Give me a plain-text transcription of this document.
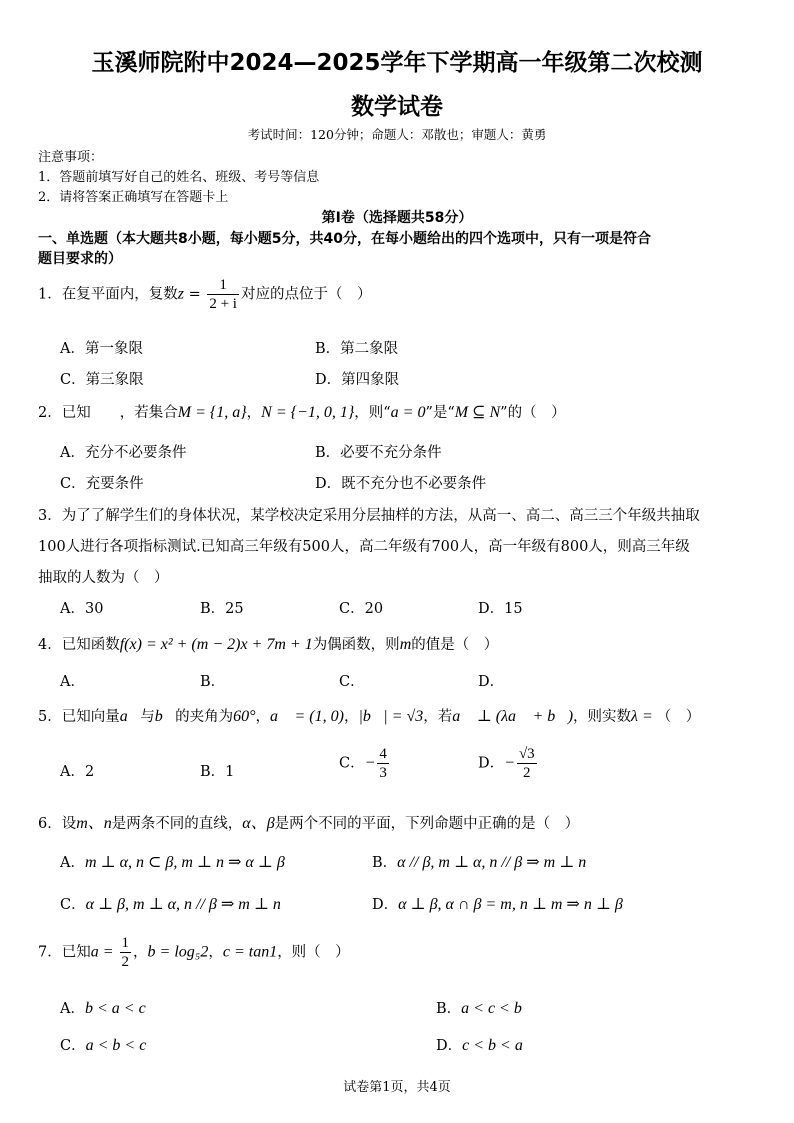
玉溪师院附中2024—2025学年下学期高一年级第二次校测
数学试卷
考试时间：120分钟；命题人：邓散也；审题人：黄勇
注意事项：
1．答题前填写好自己的姓名、班级、考号等信息
2．请将答案正确填写在答题卡上
第I卷（选择题共58分）
一、单选题（本大题共8小题，每小题5分，共40分，在每小题给出的四个选项中，只有一项是符合
题目要求的）
1．在复平面内，复数$z = \frac{1}{2 + i}$ 对应的点位于（　）
A．第一象限	B．第二象限
C．第三象限	D．第四象限
2．已知　　，若集合M = {1, a}，N = {−1, 0, 1}，则“a = 0”是“M ⊆ N”的（　）
A．充分不必要条件	B．必要不充分条件
C．充要条件	D．既不充分也不必要条件
3．为了了解学生们的身体状况，某学校决定采用分层抽样的方法，从高一、高二、高三三个年级共抽取
100人进行各项指标测试.已知高三年级有500人，高二年级有700人，高一年级有800人，则高三年级
抽取的人数为（　）
A．30	B．25	C．20	D．15
4．已知函数f(x) = x² + (m − 2)x + 7m + 1为偶函数，则m的值是（　）
A．	B．	C．	D．
5．已知向量a⃗与b⃗的夹角为60°，a⃗ = (1, 0)，|b⃗| = √3，若a⃗ ⊥ (λa⃗ + b⃗)，则实数λ = （　）
A．2	B．1
C．− $\frac{4}{3}$	D．− $\frac{√3}{2}$
6．设m、n是两条不同的直线，α、β是两个不同的平面，下列命题中正确的是（　）
A．m ⊥ α, n ⊂ β, m ⊥ n ⇒ α ⊥ β	B．α // β, m ⊥ α, n // β ⇒ m ⊥ n
C．α ⊥ β, m ⊥ α, n // β ⇒ m ⊥ n	D．α ⊥ β, α ∩ β = m, n ⊥ m ⇒ n ⊥ β
7．已知$a = \frac{1}{2}$ ，b = log₅2，c = tan1，则（　）
A．b < a < c	B．a < c < b
C．a < b < c	D．c < b < a
试卷第1页，共4页
